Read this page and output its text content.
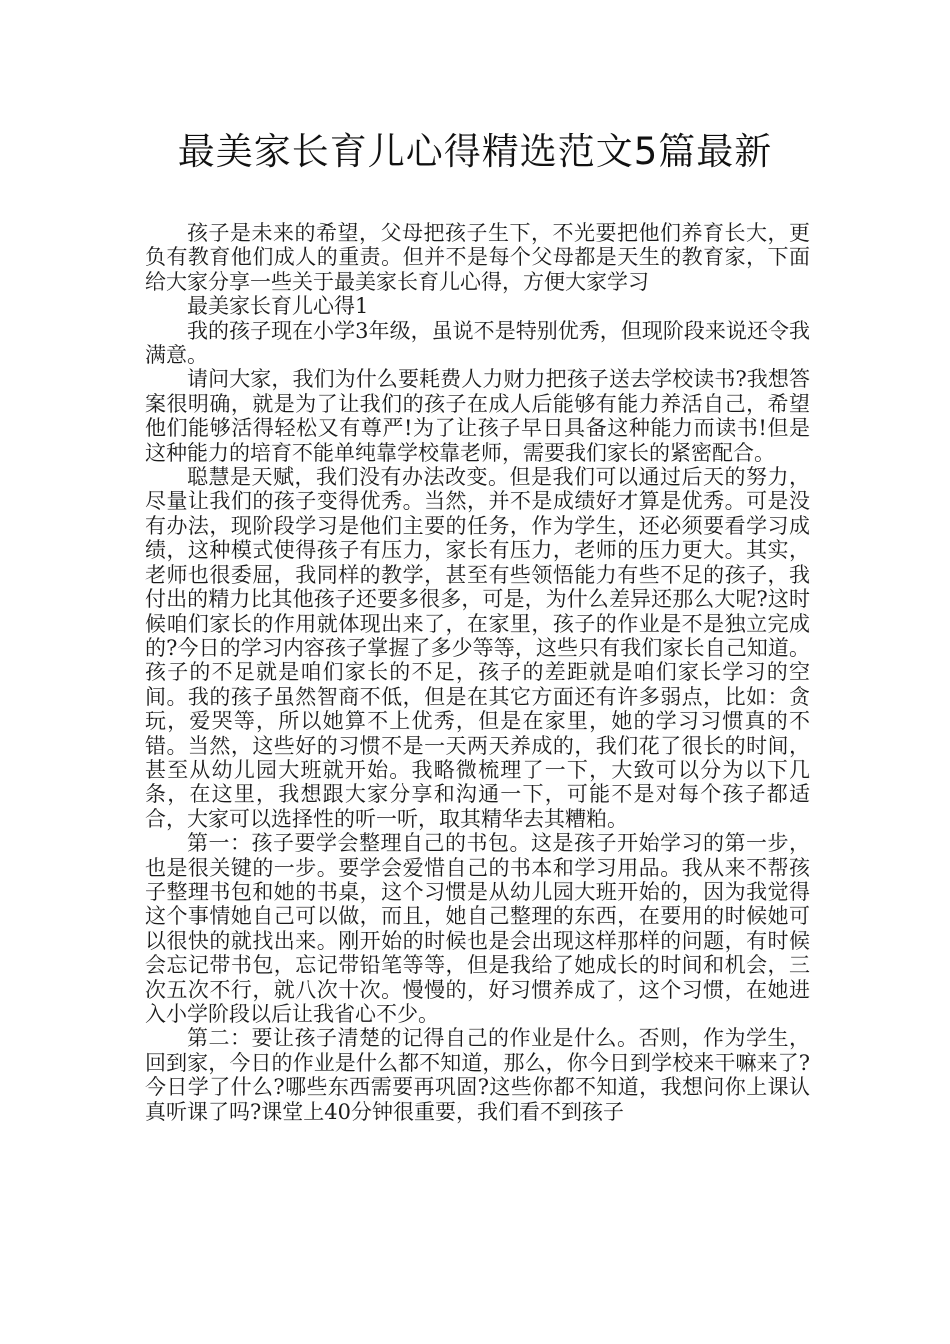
最美家长育儿心得精选范文5篇最新

孩子是未来的希望，父母把孩子生下，不光要把他们养育长大，更负有教育他们成人的重责。但并不是每个父母都是天生的教育家，下面给大家分享一些关于最美家长育儿心得，方便大家学习

最美家长育儿心得1

我的孩子现在小学3年级，虽说不是特别优秀，但现阶段来说还令我满意。

请问大家，我们为什么要耗费人力财力把孩子送去学校读书?我想答案很明确，就是为了让我们的孩子在成人后能够有能力养活自己，希望他们能够活得轻松又有尊严!为了让孩子早日具备这种能力而读书!但是这种能力的培育不能单纯靠学校靠老师，需要我们家长的紧密配合。

聪慧是天赋，我们没有办法改变。但是我们可以通过后天的努力，尽量让我们的孩子变得优秀。当然，并不是成绩好才算是优秀。可是没有办法，现阶段学习是他们主要的任务，作为学生，还必须要看学习成绩，这种模式使得孩子有压力，家长有压力，老师的压力更大。其实，老师也很委屈，我同样的教学，甚至有些领悟能力有些不足的孩子，我付出的精力比其他孩子还要多很多，可是，为什么差异还那么大呢?这时候咱们家长的作用就体现出来了，在家里，孩子的作业是不是独立完成的?今日的学习内容孩子掌握了多少等等，这些只有我们家长自己知道。孩子的不足就是咱们家长的不足，孩子的差距就是咱们家长学习的空间。我的孩子虽然智商不低，但是在其它方面还有许多弱点，比如：贪玩，爱哭等，所以她算不上优秀，但是在家里，她的学习习惯真的不错。当然，这些好的习惯不是一天两天养成的，我们花了很长的时间，甚至从幼儿园大班就开始。我略微梳理了一下，大致可以分为以下几条，在这里，我想跟大家分享和沟通一下，可能不是对每个孩子都适合，大家可以选择性的听一听，取其精华去其糟粕。

第一：孩子要学会整理自己的书包。这是孩子开始学习的第一步，也是很关键的一步。要学会爱惜自己的书本和学习用品。我从来不帮孩子整理书包和她的书桌，这个习惯是从幼儿园大班开始的，因为我觉得这个事情她自己可以做，而且，她自己整理的东西，在要用的时候她可以很快的就找出来。刚开始的时候也是会出现这样那样的问题，有时候会忘记带书包，忘记带铅笔等等，但是我给了她成长的时间和机会，三次五次不行，就八次十次。慢慢的，好习惯养成了，这个习惯，在她进入小学阶段以后让我省心不少。

第二：要让孩子清楚的记得自己的作业是什么。否则，作为学生，回到家，今日的作业是什么都不知道，那么，你今日到学校来干嘛来了?今日学了什么?哪些东西需要再巩固?这些你都不知道，我想问你上课认真听课了吗?课堂上40分钟很重要，我们看不到孩子
